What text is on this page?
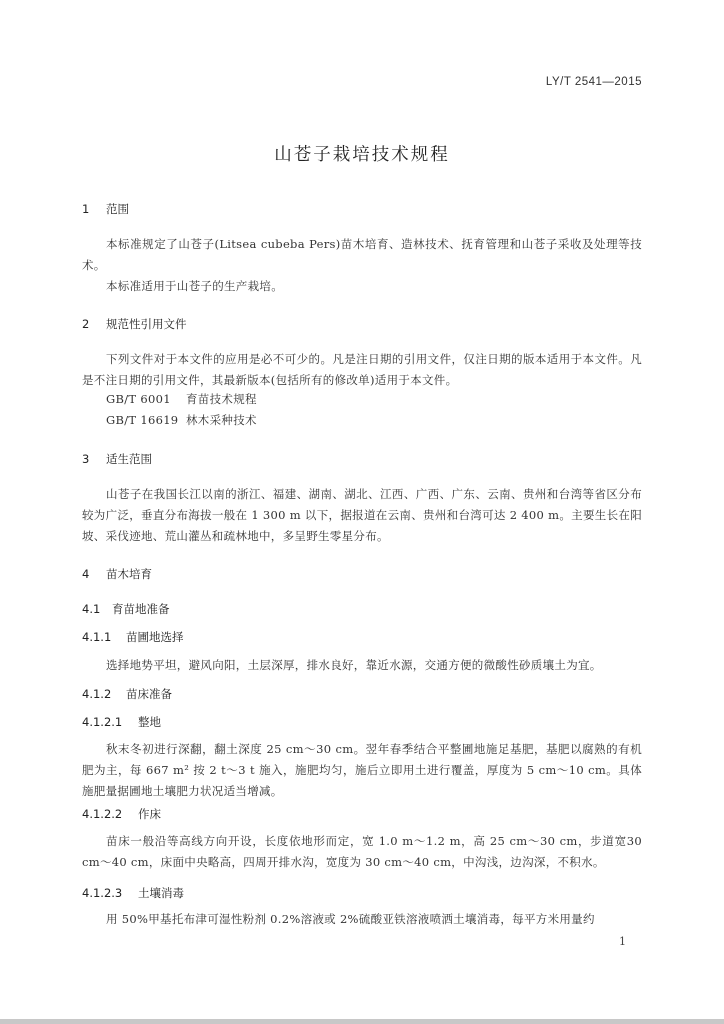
LY/T 2541—2015
山苍子栽培技术规程
1 范围
本标准规定了山苍子(Litsea cubeba Pers)苗木培育、造林技术、抚育管理和山苍子采收及处理等技术。
本标准适用于山苍子的生产栽培。
2 规范性引用文件
下列文件对于本文件的应用是必不可少的。凡是注日期的引用文件，仅注日期的版本适用于本文件。凡是不注日期的引用文件，其最新版本(包括所有的修改单)适用于本文件。
GB/T 6001 育苗技术规程
GB/T 16619 林木采种技术
3 适生范围
山苍子在我国长江以南的浙江、福建、湖南、湖北、江西、广西、广东、云南、贵州和台湾等省区分布较为广泛，垂直分布海拔一般在 1 300 m 以下，据报道在云南、贵州和台湾可达 2 400 m。主要生长在阳坡、采伐迹地、荒山灌丛和疏林地中，多呈野生零星分布。
4 苗木培育
4.1 育苗地准备
4.1.1 苗圃地选择
选择地势平坦，避风向阳，土层深厚，排水良好，靠近水源，交通方便的微酸性砂质壤土为宜。
4.1.2 苗床准备
4.1.2.1 整地
秋末冬初进行深翻，翻土深度 25 cm～30 cm。翌年春季结合平整圃地施足基肥，基肥以腐熟的有机肥为主，每 667 m² 按 2 t～3 t 施入，施肥均匀，施后立即用土进行覆盖，厚度为 5 cm～10 cm。具体施肥量据圃地土壤肥力状况适当增减。
4.1.2.2 作床
苗床一般沿等高线方向开设，长度依地形而定，宽 1.0 m～1.2 m，高 25 cm～30 cm，步道宽30 cm～40 cm，床面中央略高，四周开排水沟，宽度为 30 cm～40 cm，中沟浅，边沟深，不积水。
4.1.2.3 土壤消毒
用 50%甲基托布津可湿性粉剂 0.2%溶液或 2%硫酸亚铁溶液喷洒土壤消毒，每平方米用量约
1
